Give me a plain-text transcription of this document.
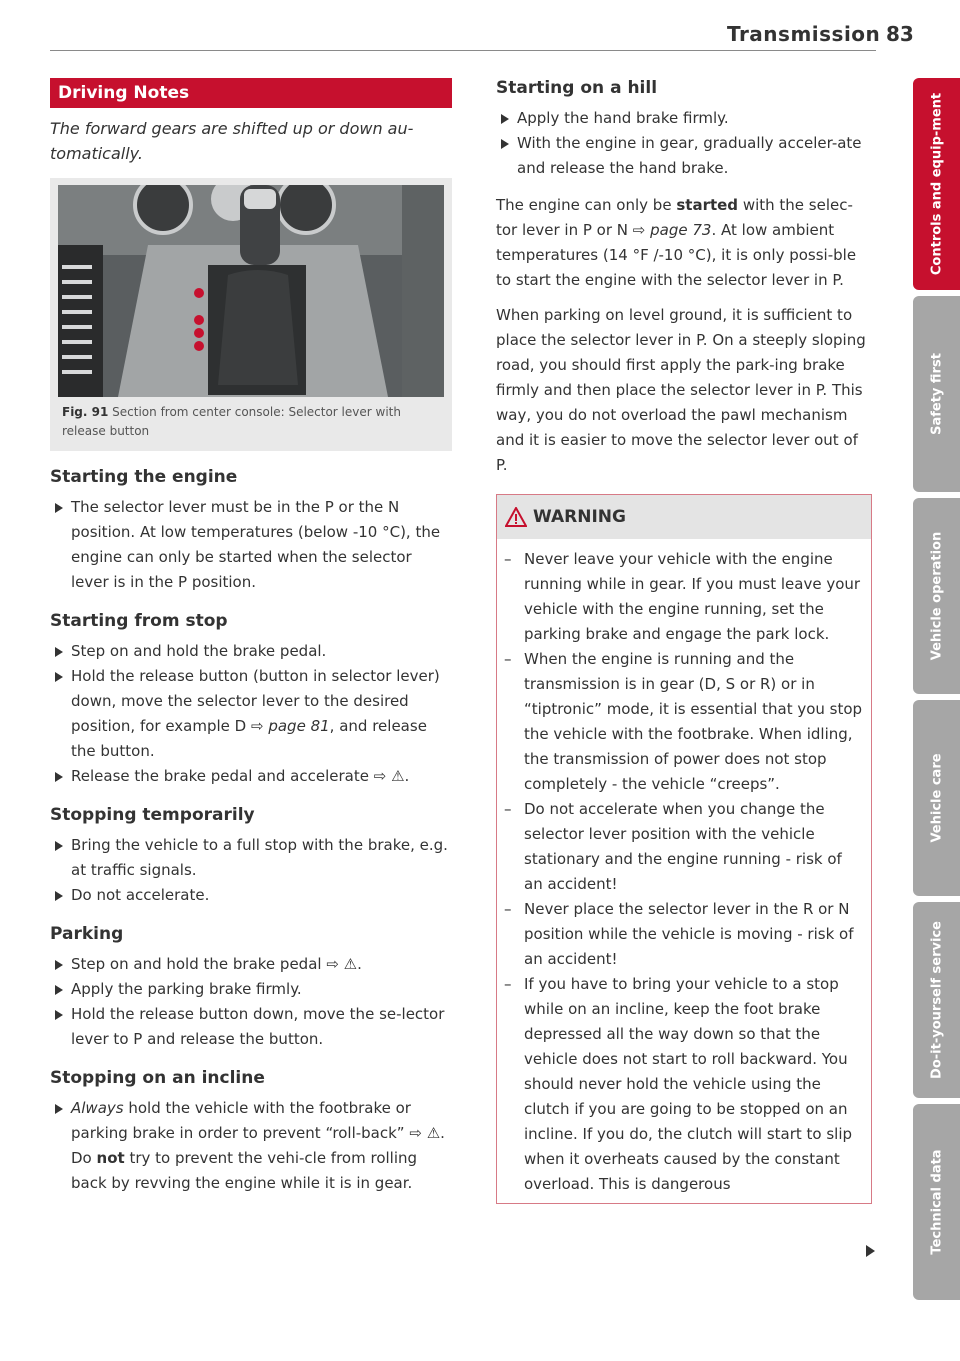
Transmission 83
Driving Notes
The forward gears are shifted up or down au-tomatically.
Fig. 91 Section from center console: Selector lever with release button
Starting the engine
The selector lever must be in the P or the N position. At low temperatures (below -10 °C), the engine can only be started when the selector lever is in the P position.
Starting from stop
Step on and hold the brake pedal.
Hold the release button (button in selector lever) down, move the selector lever to the desired position, for example D ⇨ page 81, and release the button.
Release the brake pedal and accelerate ⇨ ⚠.
Stopping temporarily
Bring the vehicle to a full stop with the brake, e.g. at traffic signals.
Do not accelerate.
Parking
Step on and hold the brake pedal ⇨ ⚠.
Apply the parking brake firmly.
Hold the release button down, move the se-lector lever to P and release the button.
Stopping on an incline
Always hold the vehicle with the footbrake or parking brake in order to prevent “roll-back” ⇨ ⚠. Do not try to prevent the vehi-cle from rolling back by revving the engine while it is in gear.
Starting on a hill
Apply the hand brake firmly.
With the engine in gear, gradually acceler-ate and release the hand brake.

The engine can only be started with the selec-tor lever in P or N ⇨ page 73. At low ambient temperatures (14 °F /-10 °C), it is only possi-ble to start the engine with the selector lever in P.

When parking on level ground, it is sufficient to place the selector lever in P. On a steeply sloping road, you should first apply the park-ing brake firmly and then place the selector lever in P. This way, you do not overload the pawl mechanism and it is easier to move the selector lever out of P.

WARNING
– Never leave your vehicle with the engine running while in gear. If you must leave your vehicle with the engine running, set the parking brake and engage the park lock.
– When the engine is running and the transmission is in gear (D, S or R) or in “tiptronic” mode, it is essential that you stop the vehicle with the footbrake. When idling, the transmission of power does not stop completely - the vehicle “creeps”.
– Do not accelerate when you change the selector lever position with the vehicle stationary and the engine running - risk of an accident!
– Never place the selector lever in the R or N position while the vehicle is moving - risk of an accident!
– If you have to bring your vehicle to a stop while on an incline, keep the foot brake depressed all the way down so that the vehicle does not start to roll backward. You should never hold the vehicle using the clutch if you are going to be stopped on an incline. If you do, the clutch will start to slip when it overheats caused by the constant overload. This is dangerous
Controls and equip-ment
Safety first
Vehicle operation
Vehicle care
Do-it-yourself service
Technical data
